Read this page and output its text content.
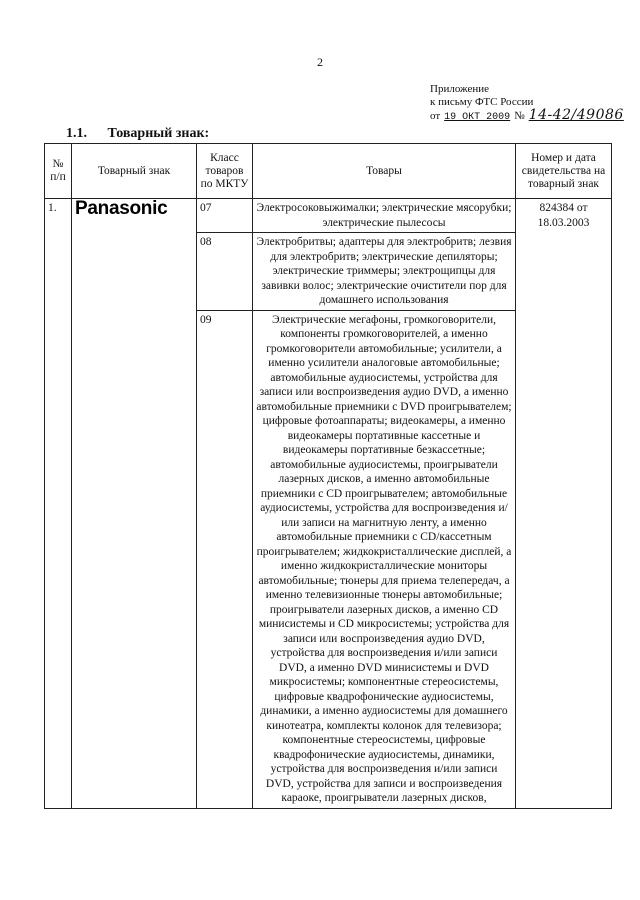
2
Приложение
к письму ФТС России
от 19 ОКТ 2009 № 14-42/49086
1.1. Товарный знак:
№ п/п	Товарный знак	Класс товаров по МКТУ	Товары	Номер и дата свидетельства на товарный знак
1.	Panasonic	07	Электросоковыжималки; электрические мясорубки; электрические пылесосы	824384 от 18.03.2003
		08	Электробритвы; адаптеры для электробритв; лезвия для электробритв; электрические депиляторы; электрические триммеры; электрощипцы для завивки волос; электрические очистители пор для домашнего использования	
		09	Электрические мегафоны, громкоговорители, компоненты громкоговорителей, а именно громкоговорители автомобильные; усилители, а именно усилители аналоговые автомобильные; автомобильные аудиосистемы, устройства для записи или воспроизведения аудио DVD, а именно автомобильные приемники с DVD проигрывателем; цифровые фотоаппараты; видеокамеры, а именно видеокамеры портативные кассетные и видеокамеры портативные безкассетные; автомобильные аудиосистемы, проигрыватели лазерных дисков, а именно автомобильные приемники с CD проигрывателем; автомобильные аудиосистемы, устройства для воспроизведения и/или записи на магнитную ленту, а именно автомобильные приемники с CD/кассетным проигрывателем; жидкокристаллические дисплей, а именно жидкокристаллические мониторы автомобильные; тюнеры для приема телепередач, а именно телевизионные тюнеры автомобильные; проигрыватели лазерных дисков, а именно CD минисистемы и CD микросистемы; устройства для записи или воспроизведения аудио DVD, устройства для воспроизведения и/или записи DVD, а именно DVD минисистемы и DVD микросистемы; компонентные стереосистемы, цифровые квадрофонические аудиосистемы, динамики, а именно аудиосистемы для домашнего кинотеатра, комплекты колонок для телевизора; компонентные стереосистемы, цифровые квадрофонические аудиосистемы, динамики, устройства для воспроизведения и/или записи DVD, устройства для записи и воспроизведения караоке, проигрыватели лазерных дисков,	
